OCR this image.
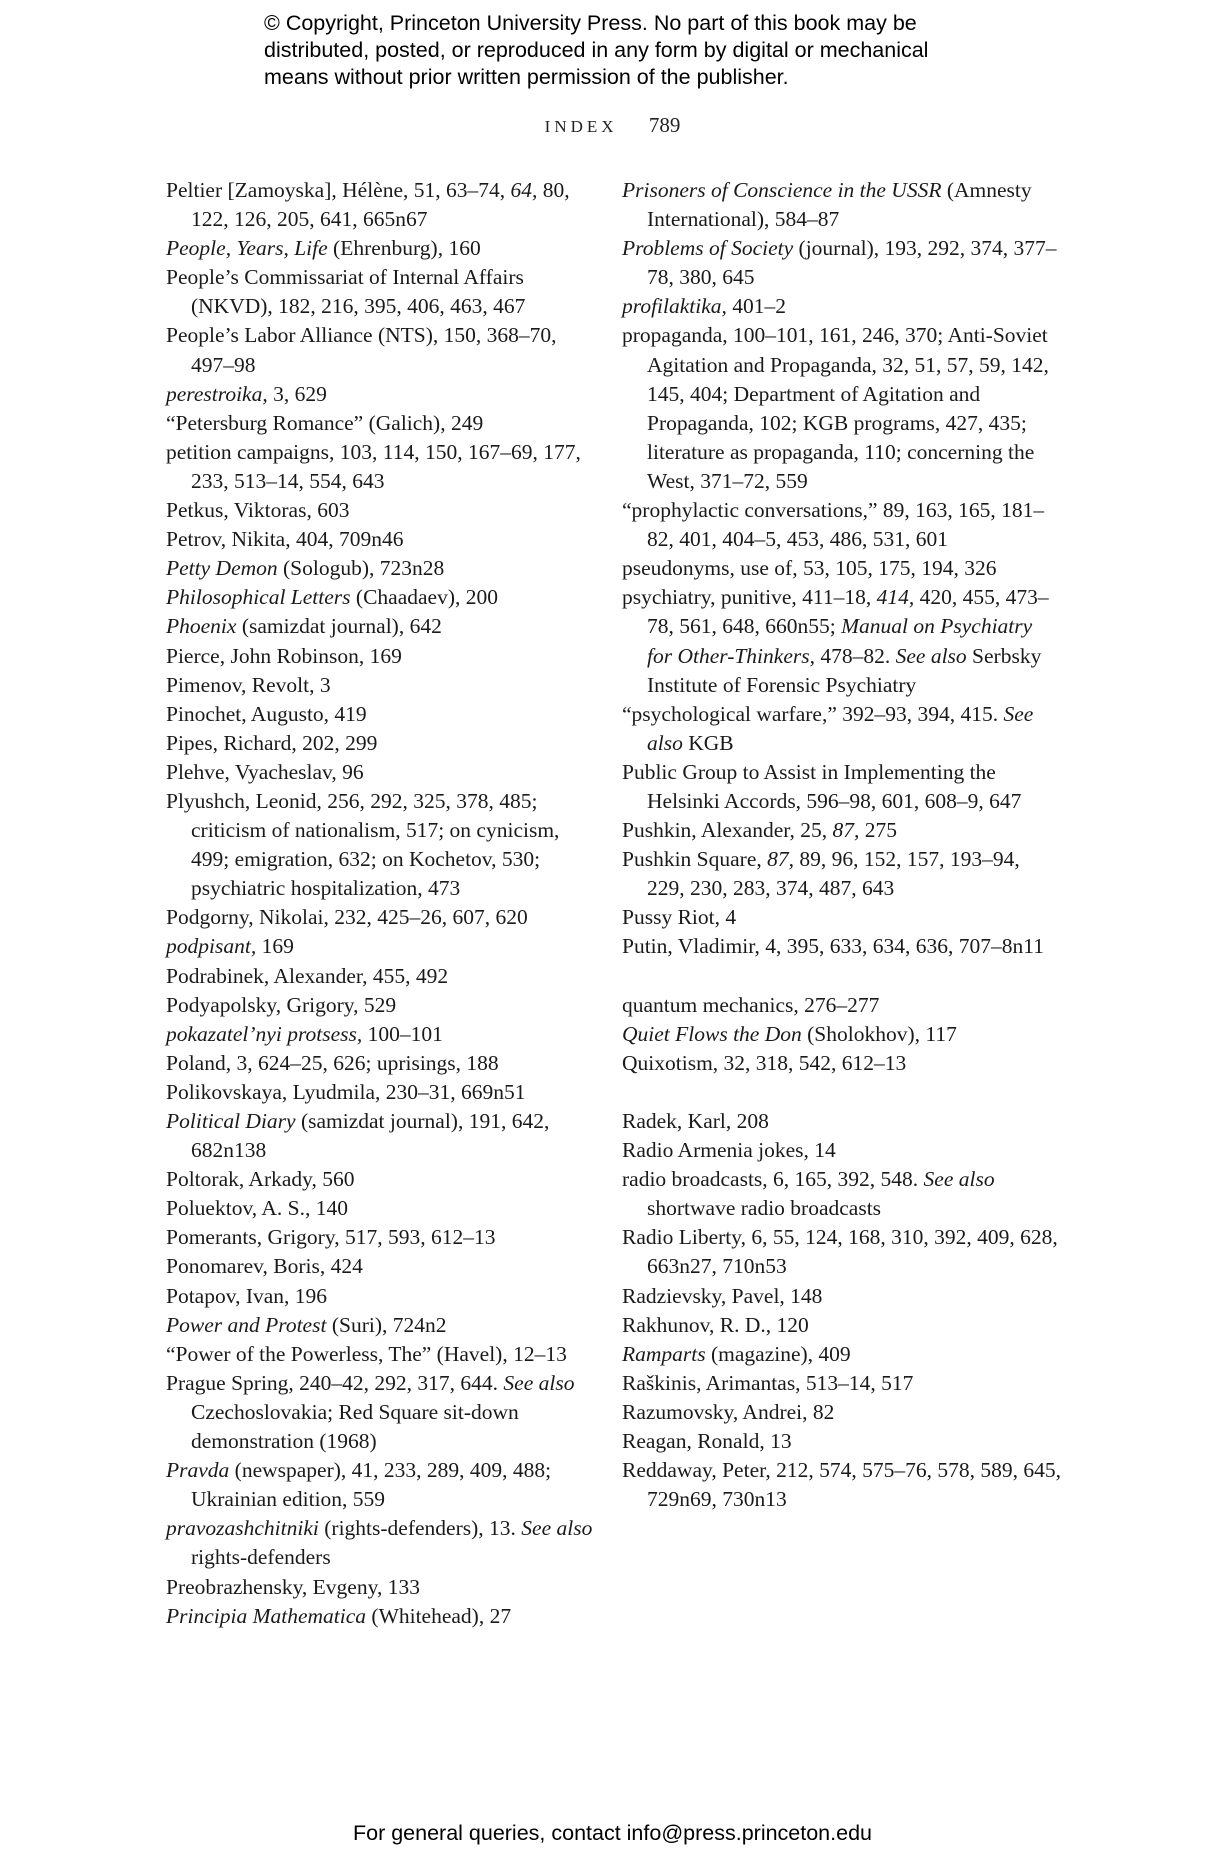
© Copyright, Princeton University Press. No part of this book may be
distributed, posted, or reproduced in any form by digital or mechanical
means without prior written permission of the publisher.
INDEX 789
Peltier [Zamoyska], Hélène, 51, 63–74, 64, 80, 122, 126, 205, 641, 665n67
People, Years, Life (Ehrenburg), 160
People’s Commissariat of Internal Affairs (NKVD), 182, 216, 395, 406, 463, 467
People’s Labor Alliance (NTS), 150, 368–70, 497–98
perestroika, 3, 629
“Petersburg Romance” (Galich), 249
petition campaigns, 103, 114, 150, 167–69, 177, 233, 513–14, 554, 643
Petkus, Viktoras, 603
Petrov, Nikita, 404, 709n46
Petty Demon (Sologub), 723n28
Philosophical Letters (Chaadaev), 200
Phoenix (samizdat journal), 642
Pierce, John Robinson, 169
Pimenov, Revolt, 3
Pinochet, Augusto, 419
Pipes, Richard, 202, 299
Plehve, Vyacheslav, 96
Plyushch, Leonid, 256, 292, 325, 378, 485; criticism of nationalism, 517; on cynicism, 499; emigration, 632; on Kochetov, 530; psychiatric hospitalization, 473
Podgorny, Nikolai, 232, 425–26, 607, 620
podpisant, 169
Podrabinek, Alexander, 455, 492
Podyapolsky, Grigory, 529
pokazatel’nyi protsess, 100–101
Poland, 3, 624–25, 626; uprisings, 188
Polikovskaya, Lyudmila, 230–31, 669n51
Political Diary (samizdat journal), 191, 642, 682n138
Poltorak, Arkady, 560
Poluektov, A. S., 140
Pomerants, Grigory, 517, 593, 612–13
Ponomarev, Boris, 424
Potapov, Ivan, 196
Power and Protest (Suri), 724n2
“Power of the Powerless, The” (Havel), 12–13
Prague Spring, 240–42, 292, 317, 644. See also Czechoslovakia; Red Square sit-down demonstration (1968)
Pravda (newspaper), 41, 233, 289, 409, 488; Ukrainian edition, 559
pravozashchitniki (rights-defenders), 13. See also rights-defenders
Preobrazhensky, Evgeny, 133
Principia Mathematica (Whitehead), 27
Prisoners of Conscience in the USSR (Amnesty International), 584–87
Problems of Society (journal), 193, 292, 374, 377–78, 380, 645
profilaktika, 401–2
propaganda, 100–101, 161, 246, 370; Anti-Soviet Agitation and Propaganda, 32, 51, 57, 59, 142, 145, 404; Department of Agitation and Propaganda, 102; KGB programs, 427, 435; literature as propaganda, 110; concerning the West, 371–72, 559
“prophylactic conversations,” 89, 163, 165, 181–82, 401, 404–5, 453, 486, 531, 601
pseudonyms, use of, 53, 105, 175, 194, 326
psychiatry, punitive, 411–18, 414, 420, 455, 473–78, 561, 648, 660n55; Manual on Psychiatry for Other-Thinkers, 478–82. See also Serbsky Institute of Forensic Psychiatry
“psychological warfare,” 392–93, 394, 415. See also KGB
Public Group to Assist in Implementing the Helsinki Accords, 596–98, 601, 608–9, 647
Pushkin, Alexander, 25, 87, 275
Pushkin Square, 87, 89, 96, 152, 157, 193–94, 229, 230, 283, 374, 487, 643
Pussy Riot, 4
Putin, Vladimir, 4, 395, 633, 634, 636, 707–8n11
quantum mechanics, 276–277
Quiet Flows the Don (Sholokhov), 117
Quixotism, 32, 318, 542, 612–13
Radek, Karl, 208
Radio Armenia jokes, 14
radio broadcasts, 6, 165, 392, 548. See also shortwave radio broadcasts
Radio Liberty, 6, 55, 124, 168, 310, 392, 409, 628, 663n27, 710n53
Radzievsky, Pavel, 148
Rakhunov, R. D., 120
Ramparts (magazine), 409
Raškinis, Arimantas, 513–14, 517
Razumovsky, Andrei, 82
Reagan, Ronald, 13
Reddaway, Peter, 212, 574, 575–76, 578, 589, 645, 729n69, 730n13
For general queries, contact info@press.princeton.edu
